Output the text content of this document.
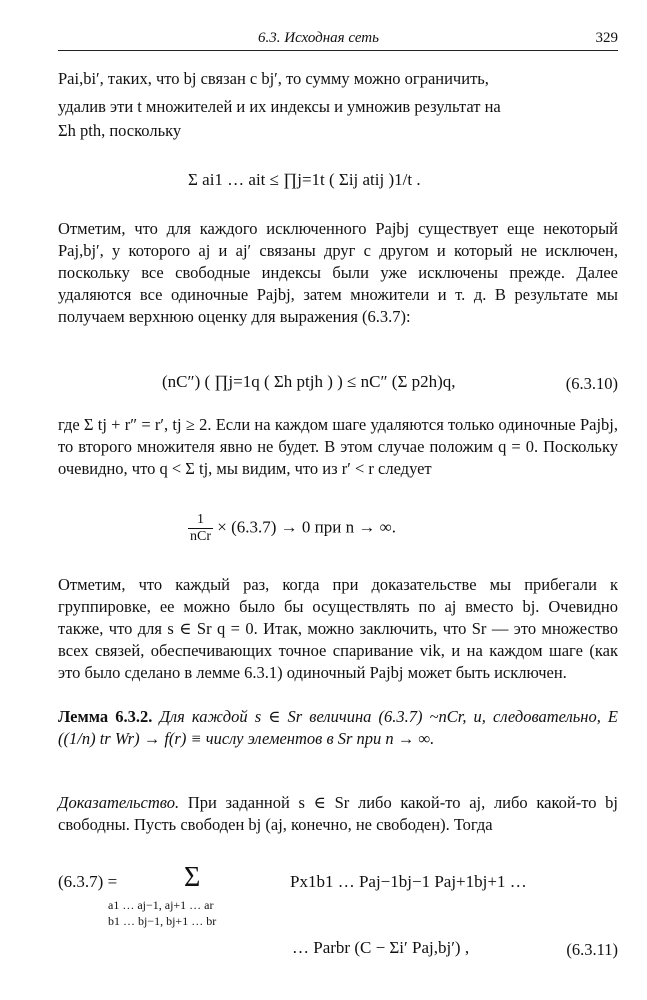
6.3. Исходная сеть	329

Pai,bi′, таких, что bj связан с bj′, то сумму можно ограничить,

удалив эти t множителей и их индексы и умножив результат на

Σh pth, поскольку

Σ ai1 … ait ≤ ∏j=1t ( Σij atij )1/t .

Отметим, что для каждого исключенного Pajbj существует еще некоторый Paj,bj′, у которого aj и aj′ связаны друг с другом и который не исключен, поскольку все свободные индексы были уже исключены прежде. Далее удаляются все одиночные Pajbj, затем множители и т. д. В результате мы получаем верхнюю оценку для выражения (6.3.7):

(nC″) ( ∏j=1q ( Σh ptjh ) ) ≤ nC″ (Σ p2h)q,	(6.3.10)

где Σ tj + r″ = r′, tj ≥ 2. Если на каждом шаге удаляются только одиночные Pajbj, то второго множителя явно не будет. В этом случае положим q = 0. Поскольку очевидно, что q < Σ tj, мы видим, что из r′ < r следует

$\frac{1}{\text{nCr}} \times (6.3.7) \to 0$ при n → ∞.

Отметим, что каждый раз, когда при доказательстве мы прибегали к группировке, ее можно было бы осуществлять по aj вместо bj. Очевидно также, что для s ∈ Sr q = 0. Итак, можно заключить, что Sr — это множество всех связей, обеспечивающих точное спаривание vik, и на каждом шаге (как это было сделано в лемме 6.3.1) одиночный Pajbj может быть исключен.

Лемма 6.3.2. Для каждой s ∈ Sr величина (6.3.7) ~nCr, и, следовательно, E ((1/n) tr Wr) → f(r) ≡ числу элементов в Sr при n → ∞.

Доказательство. При заданной s ∈ Sr либо какой-то aj, либо какой-то bj свободны. Пусть свободен bj (aj, конечно, не свободен). Тогда

(6.3.7) = Σ	Px1b1 … Paj−1bj−1 Paj+1bj+1 …
a1 … aj−1, aj+1 … ar
b1 … bj−1, bj+1 … br
… Parbr (C − Σi′ Paj,bj′) ,	(6.3.11)
